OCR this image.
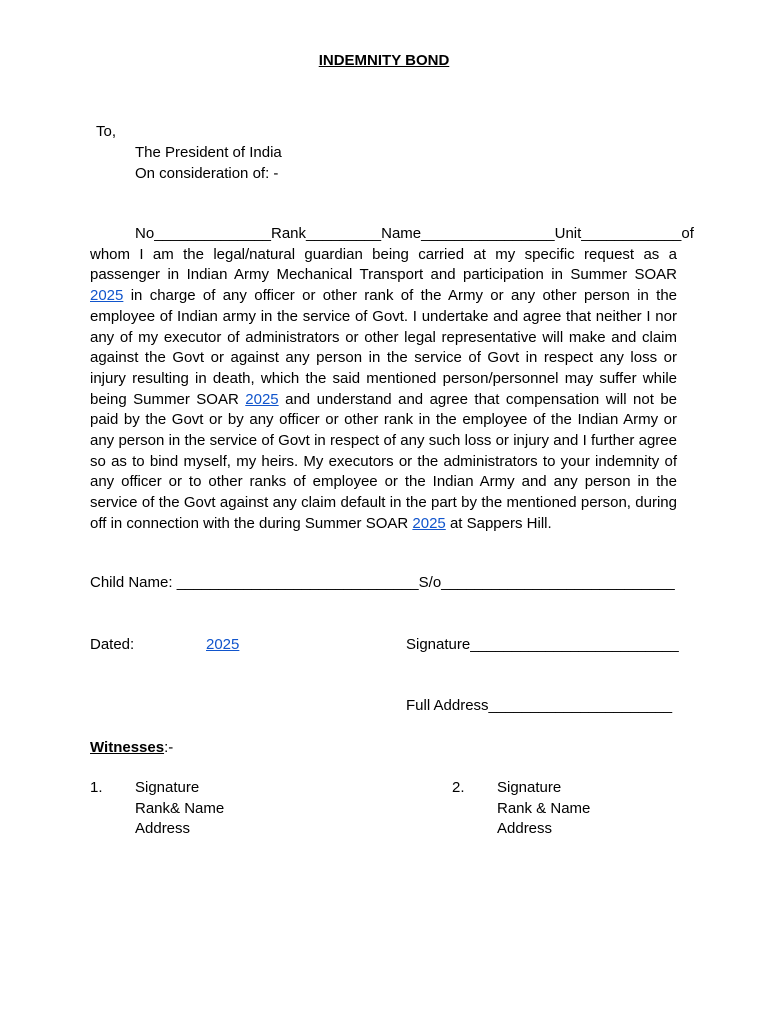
INDEMNITY BOND
To,
The President of India
On consideration of: -
No______________Rank_________Name________________Unit____________of whom I am the legal/natural guardian being carried at my specific request as a passenger in Indian Army Mechanical Transport and participation in Summer SOAR 2025 in charge of any officer or other rank of the Army or any other person in the employee of Indian army in the service of Govt. I undertake and agree that neither I nor any of my executor of administrators or other legal representative will make and claim against the Govt or against any person in the service of Govt in respect any loss or injury resulting in death, which the said mentioned person/personnel may suffer while being Summer SOAR 2025 and understand and agree that compensation will not be paid by the Govt or by any officer or other rank in the employee of the Indian Army or any person in the service of Govt in respect of any such loss or injury and I further agree so as to bind myself, my heirs. My executors or the administrators to your indemnity of any officer or to other ranks of employee or the Indian Army and any person in the service of the Govt against any claim default in the part by the mentioned person, during off in connection with the during Summer SOAR 2025 at Sappers Hill.
Child Name: _____________________________S/o____________________________
Dated:	2025	Signature_________________________
Full Address______________________
Witnesses:-
1. Signature
Rank& Name
Address
2. Signature
Rank & Name
Address
